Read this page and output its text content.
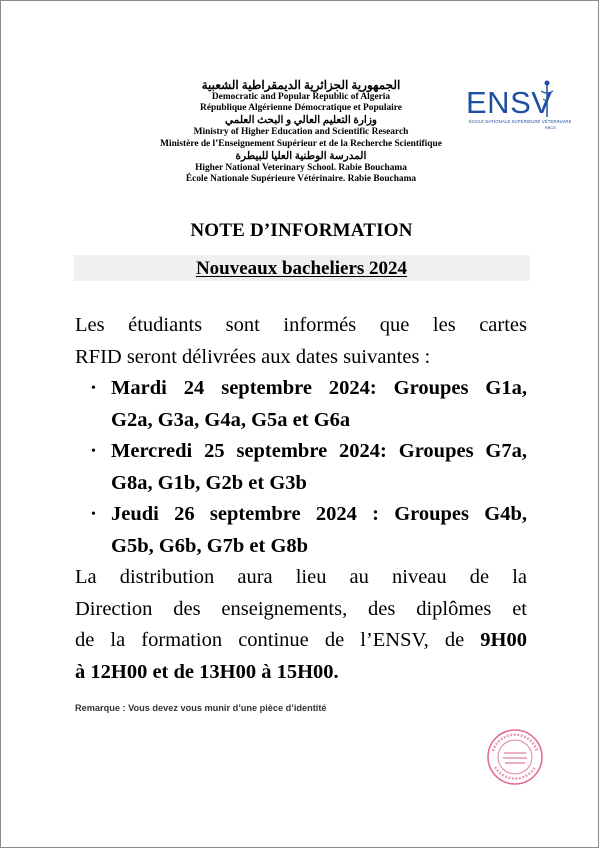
الجمهورية الجزائرية الديمقراطية الشعبية
Democratic and Popular Republic of Algeria
République Algérienne Démocratique et Populaire
وزارة التعليم العالي و البحث العلمي
Ministry of Higher Education and Scientific Research
Ministère de l’Enseignement Supérieur et de la Recherche Scientifique
المدرسة الوطنية العليا للبيطرة
Higher National Veterinary School. Rabie Bouchama
École Nationale Supérieure Vétérinaire. Rabie Bouchama
ENSV
ÉCOLE NATIONALE SUPÉRIEURE VÉTÉRINAIRE
RBCE
NOTE D’INFORMATION
Nouveaux bacheliers 2024

Les étudiants sont informés que les cartes

RFID seront délivrées aux dates suivantes :

• Mardi 24 septembre 2024: Groupes G1a,
G2a, G3a, G4a, G5a et G6a
• Mercredi 25 septembre 2024: Groupes G7a,
G8a, G1b, G2b et G3b
• Jeudi 26 septembre 2024 : Groupes G4b,
G5b, G6b, G7b et G8b

La distribution aura lieu au niveau de la

Direction des enseignements, des diplômes et

de la formation continue de l’ENSV, de 9H00

à 12H00 et de 13H00 à 15H00.

Remarque : Vous devez vous munir d’une pièce d’identité
